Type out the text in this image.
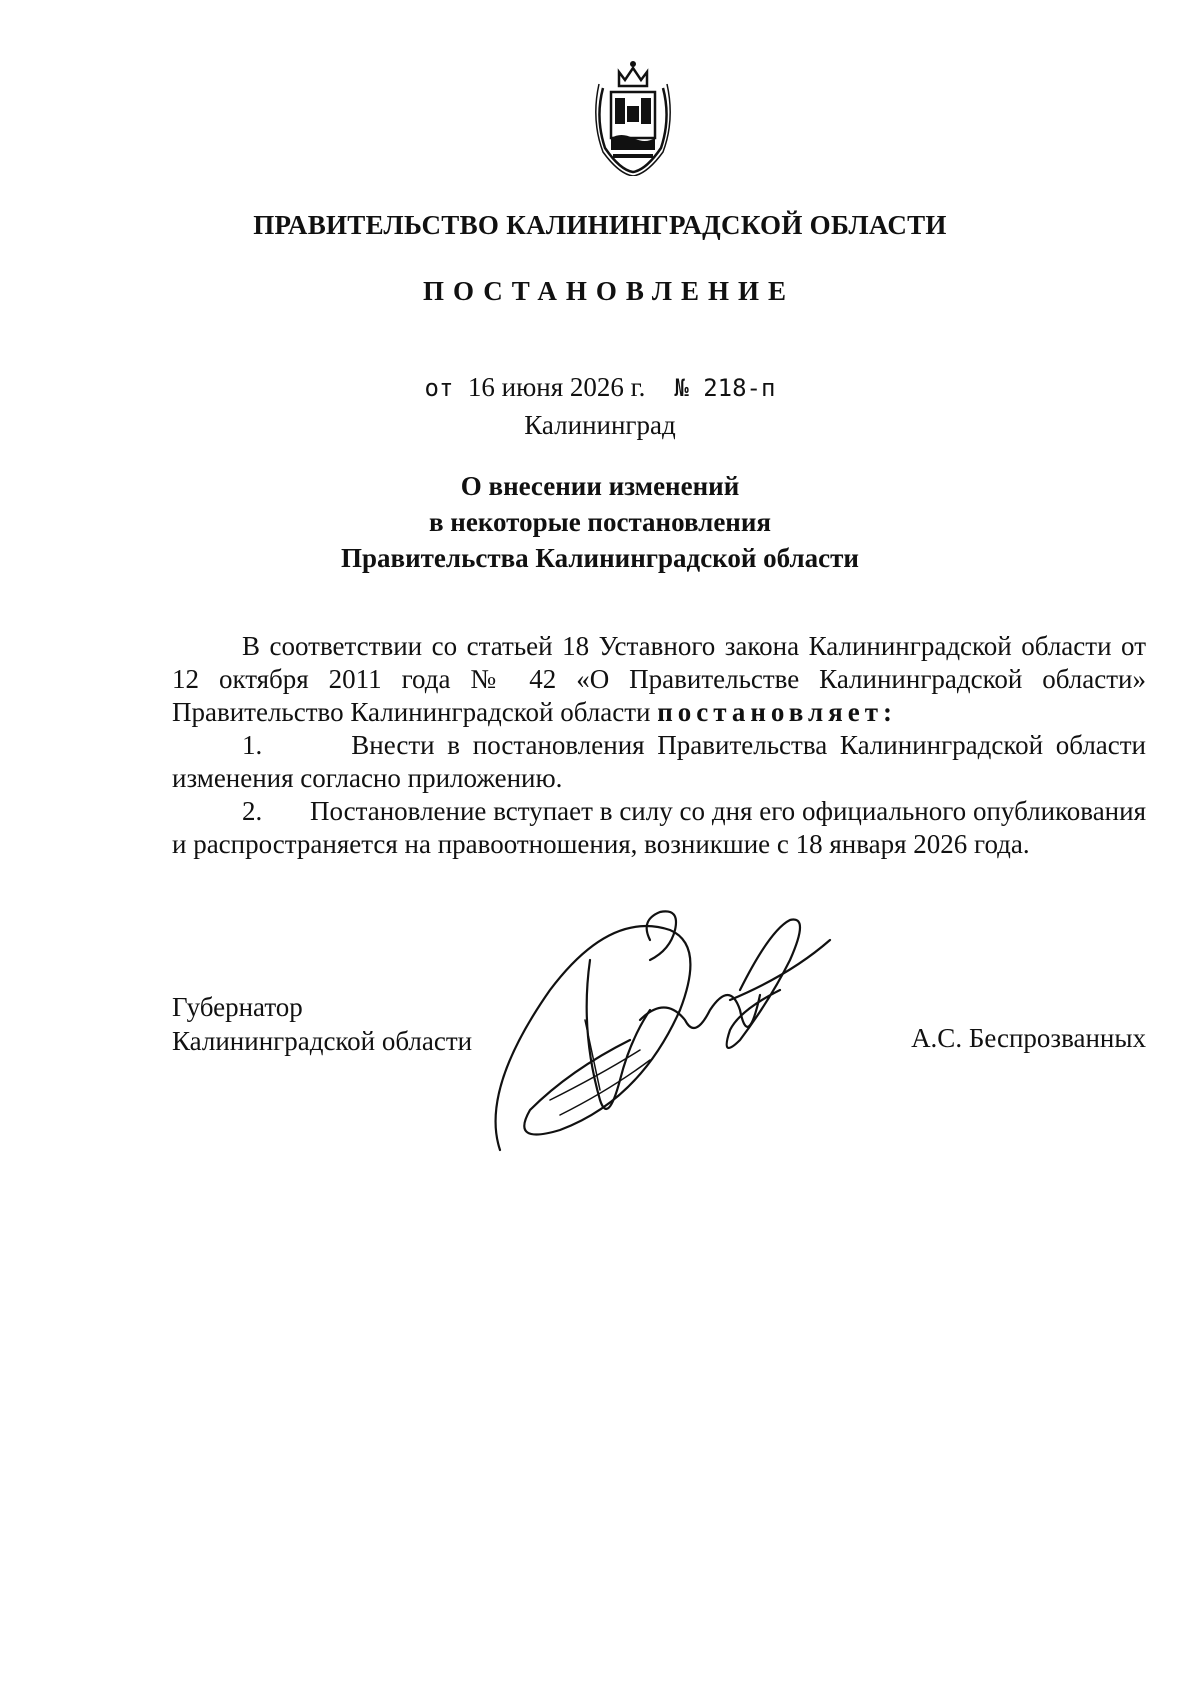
ПРАВИТЕЛЬСТВО КАЛИНИНГРАДСКОЙ ОБЛАСТИ
ПОСТАНОВЛЕНИЕ
от 16 июня 2026 г. № 218-п
Калининград
О внесении изменений
в некоторые постановления
Правительства Калининградской области

В соответствии со статьей 18 Уставного закона Калининградской области от 12 октября 2011 года № 42 «О Правительстве Калининградской области» Правительство Калининградской области постановляет:

1.	Внести в постановления Правительства Калининградской области изменения согласно приложению.

2. Постановление вступает в силу со дня его официального опубликования и распространяется на правоотношения, возникшие с 18 января 2026 года.

Губернатор
Калининградской области	А.С. Беспрозванных
